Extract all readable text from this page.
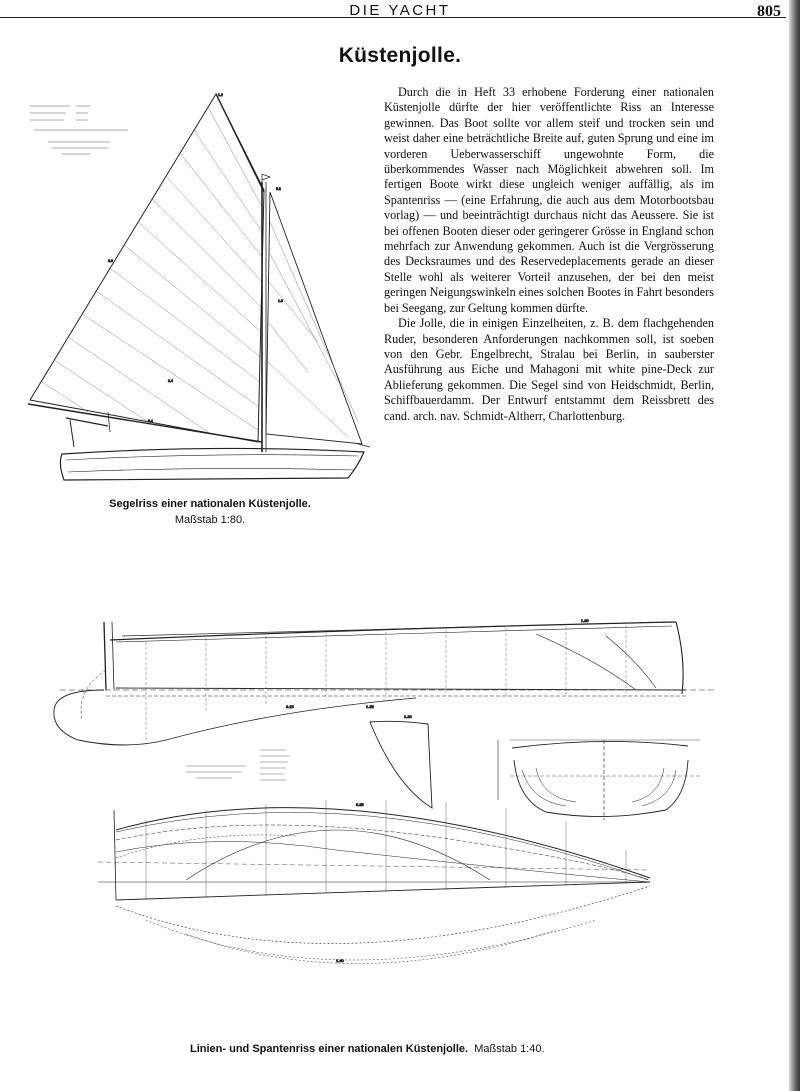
DIE YACHT	805
Küstenjolle.

Durch die in Heft 33 erhobene Forderung einer nationalen Küstenjolle dürfte der hier veröffentlichte Riss an Interesse gewinnen. Das Boot sollte vor allem steif und trocken sein und weist daher eine beträchtliche Breite auf, guten Sprung und eine im vorderen Ueberwasserschiff ungewohnte Form, die überkommendes Wasser nach Möglichkeit abwehren soll. Im fertigen Boote wirkt diese ungleich weniger auffällig, als im Spantenriss — (eine Erfahrung, die auch aus dem Motorbootsbau vorlag) — und beeinträchtigt durchaus nicht das Aeussere. Sie ist bei offenen Booten dieser oder geringerer Grösse in England schon mehrfach zur Anwendung gekommen. Auch ist die Vergrösserung des Decksraumes und des Reservedeplacements gerade an dieser Stelle wohl als weiterer Vorteil anzusehen, der bei den meist geringen Neigungswinkeln eines solchen Bootes in Fahrt besonders bei Seegang, zur Geltung kommen dürfte.

Die Jolle, die in einigen Einzelheiten, z. B. dem flachgehenden Ruder, besonderen Anforderungen nachkommen soll, ist soeben von den Gebr. Engelbrecht, Stralau bei Berlin, in sauberster Ausführung aus Eiche und Mahagoni mit white pine-Deck zur Ablieferung gekommen. Die Segel sind von Heidschmidt, Berlin, Schiffbauerdamm. Der Entwurf entstammt dem Reissbrett des cand. arch. nav. Schmidt-Altherr, Charlottenburg.

1.2
5.8
3.6
2.4
1.8
8.4
Segelriss einer nationalen Küstenjolle.
Maßstab 1:80.
3.15	1.25
1.30
1.80
5.85
1.40
Linien- und Spantenriss einer nationalen Küstenjolle. Maßstab 1:40.
